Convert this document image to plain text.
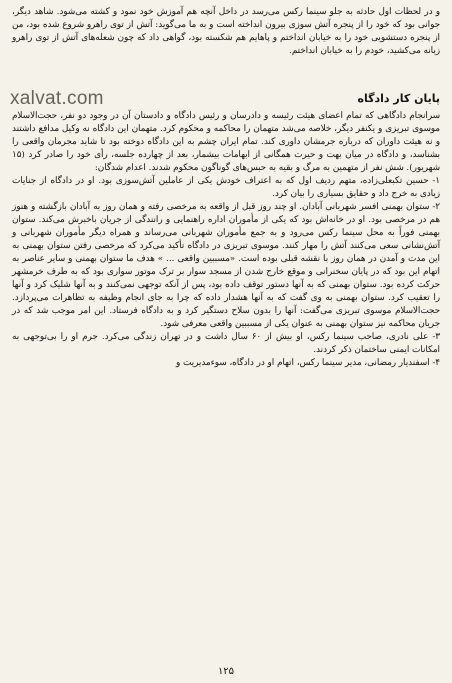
و در لحظات اول حادثه به جلو سینما رکس می‌رسد در داخل آنچه هم آموزش خود نمود و کشته می‌شود. شاهد دیگر، جوانی بود که خود را از پنجره آتش سوزی بیرون انداخته است و به ما می‌گوید: آتش از توی راهرو شروع شده بود، من از پنجره دستشویی خود را به خیابان انداختم و پاهایم هم شکسته بود، گواهی داد که چون شعله‌های آتش از توی راهرو زبانه می‌کشید، خودم را به خیابان انداختم.

xalvat.com	پایان کار دادگاه

سرانجام دادگاهی که تمام اعضای هیئت رئیسه و دادرسان و رئیس دادگاه و دادستان آن در وجود دو نفر، حجت‌الاسلام موسوی تبریزی و یکنفر دیگر، خلاصه می‌شد متهمان را محاکمه و محکوم کرد. متهمان این دادگاه نه وکیل مدافع داشتند و نه هیئت داوران که درباره جرمشان داوری کند. تمام ایران چشم به این دادگاه دوخته بود تا شاید مجرمان واقعی را بشناسد، و دادگاه در میان بهت و حیرت همگانی از ابهامات بیشمار، بعد از چهارده جلسه، رأی خود را صادر کرد (۱۵ شهریور). شش نفر از متهمین به مرگ و بقیه به حبس‌های گوناگون محکوم شدند. اعدام شدگان:

۱- حسین تکبعلی‌زاده، متهم ردیف اول که به اعتراف خودش یکی از عاملین آتش‌سوزی بود. او در دادگاه از جنایات زیادی به خرج داد و حقایق بسیاری را بیان کرد.

۲- ستوان بهمنی افسر شهربانی آبادان. او چند روز قبل از واقعه به مرخصی رفته و همان روز به آبادان بازگشته و هنوز هم در مرخصی بود. او در خانه‌اش بود که یکی از مأموران اداره راهنمایی و رانندگی از جریان باخبرش می‌کند. ستوان بهمنی فوراً به محل سینما رکس می‌رود و به جمع مأموران شهربانی می‌رساند و همراه دیگر مأموران شهربانی و آتش‌نشانی سعی می‌کنند آتش را مهار کنند. موسوی تبریزی در دادگاه تأکید می‌کرد که مرخصی رفتن ستوان بهمنی به این مدت و آمدن در همان روز با نقشه قبلی بوده است. «مسببین واقعی ... » هدف ما ستوان بهمنی و سایر عناصر به اتهام این بود که در پایان سخنرانی و موقع خارج شدن از مسجد سوار بر ترک موتور سواری بود که به طرف خرمشهر حرکت کرده بود. ستوان بهمنی که به آنها دستور توقف داده بود، پس از آنکه توجهی نمی‌کنند و به آنها شلیک کرد و آنها را تعقیب کرد. ستوان بهمنی به وی گفت که به آنها هشدار داده که چرا به جای انجام وظیفه به تظاهرات می‌پردازد. حجت‌الاسلام موسوی تبریزی می‌گفت: آنها را بدون سلاح دستگیر کرد و به دادگاه فرستاد. این امر موجب شد که در جریان محاکمه نیز ستوان بهمنی به عنوان یکی از مسببین واقعی معرفی شود.

۳- علی نادری، صاحب سینما رکس، او بیش از ۶۰ سال داشت و در تهران زندگی می‌کرد. جرم او را بی‌توجهی به امکانات ایمنی ساختمان ذکر کردند.

۴- اسفندیار رمضانی، مدیر سینما رکس، اتهام او در دادگاه، سوءمدیریت و

۱۲۵
